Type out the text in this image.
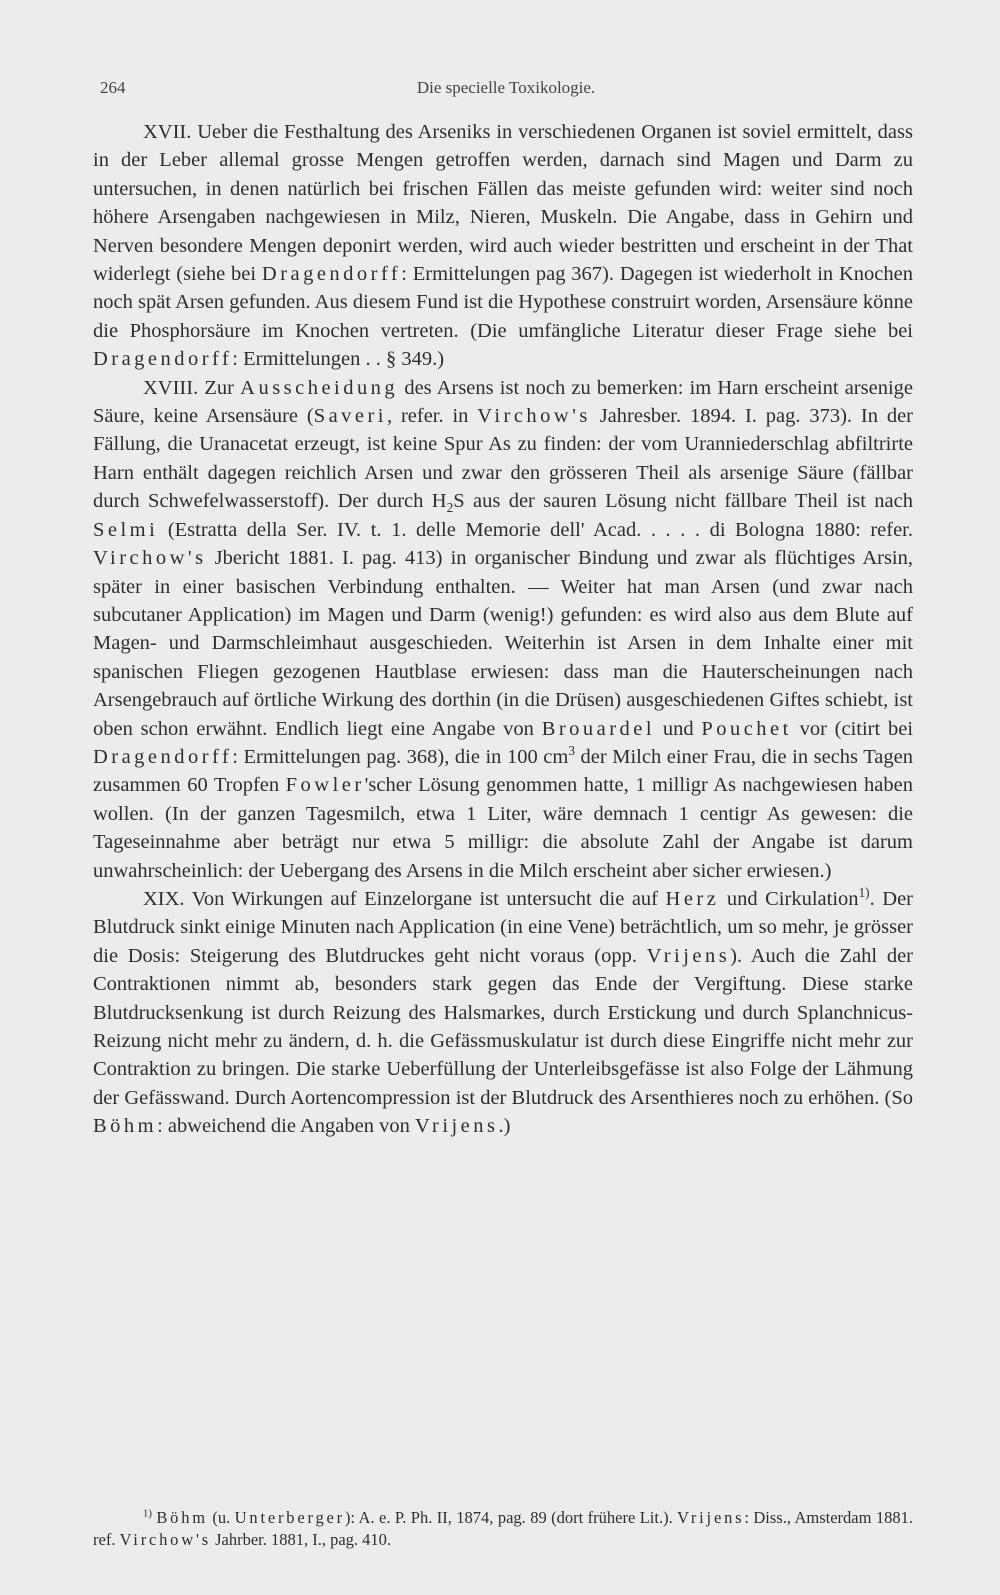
264	Die specielle Toxikologie.

XVII. Ueber die Festhaltung des Arseniks in verschiedenen Organen ist soviel ermittelt, dass in der Leber allemal grosse Mengen getroffen werden, darnach sind Magen und Darm zu untersuchen, in denen natürlich bei frischen Fällen das meiste gefunden wird: weiter sind noch höhere Arsengaben nachgewiesen in Milz, Nieren, Muskeln. Die Angabe, dass in Gehirn und Nerven besondere Mengen deponirt werden, wird auch wieder bestritten und erscheint in der That widerlegt (siehe bei Dragendorff: Ermittelungen pag 367). Dagegen ist wiederholt in Knochen noch spät Arsen gefunden. Aus diesem Fund ist die Hypothese construirt worden, Arsensäure könne die Phosphorsäure im Knochen vertreten. (Die umfängliche Literatur dieser Frage siehe bei Dragendorff: Ermittelungen . . § 349.)

XVIII. Zur Ausscheidung des Arsens ist noch zu bemerken: im Harn erscheint arsenige Säure, keine Arsensäure (Saveri, refer. in Virchow's Jahresber. 1894. I. pag. 373). In der Fällung, die Uranacetat erzeugt, ist keine Spur As zu finden: der vom Uranniederschlag abfiltrirte Harn enthält dagegen reichlich Arsen und zwar den grösseren Theil als arsenige Säure (fällbar durch Schwefelwasserstoff). Der durch $H_2S$ aus der sauren Lösung nicht fällbare Theil ist nach Selmi (Estratta della Ser. IV. t. 1. delle Memorie dell' Acad. . . . . di Bologna 1880: refer. Virchow's Jbericht 1881. I. pag. 413) in organischer Bindung und zwar als flüchtiges Arsin, später in einer basischen Verbindung enthalten. — Weiter hat man Arsen (und zwar nach subcutaner Application) im Magen und Darm (wenig!) gefunden: es wird also aus dem Blute auf Magen- und Darmschleimhaut ausgeschieden. Weiterhin ist Arsen in dem Inhalte einer mit spanischen Fliegen gezogenen Hautblase erwiesen: dass man die Hauterscheinungen nach Arsengebrauch auf örtliche Wirkung des dorthin (in die Drüsen) ausgeschiedenen Giftes schiebt, ist oben schon erwähnt. Endlich liegt eine Angabe von Brouardel und Pouchet vor (citirt bei Dragendorff: Ermittelungen pag. 368), die in 100 $cm^3$ der Milch einer Frau, die in sechs Tagen zusammen 60 Tropfen Fowler'scher Lösung genommen hatte, 1 milligr As nachgewiesen haben wollen. (In der ganzen Tagesmilch, etwa 1 Liter, wäre demnach 1 centigr As gewesen: die Tageseinnahme aber beträgt nur etwa 5 milligr: die absolute Zahl der Angabe ist darum unwahrscheinlich: der Uebergang des Arsens in die Milch erscheint aber sicher erwiesen.)

XIX. Von Wirkungen auf Einzelorgane ist untersucht die auf Herz und Cirkulation$^{1)}$. Der Blutdruck sinkt einige Minuten nach Application (in eine Vene) beträchtlich, um so mehr, je grösser die Dosis: Steigerung des Blutdruckes geht nicht voraus (opp. Vrijens). Auch die Zahl der Contraktionen nimmt ab, besonders stark gegen das Ende der Vergiftung. Diese starke Blutdrucksenkung ist durch Reizung des Halsmarkes, durch Erstickung und durch Splanchnicus-Reizung nicht mehr zu ändern, d. h. die Gefässmuskulatur ist durch diese Eingriffe nicht mehr zur Contraktion zu bringen. Die starke Ueberfüllung der Unterleibsgefässe ist also Folge der Lähmung der Gefässwand. Durch Aortencompression ist der Blutdruck des Arsenthieres noch zu erhöhen. (So Böhm: abweichend die Angaben von Vrijens.)

$^{1)}$ Böhm (u. Unterberger): A. e. P. Ph. II, 1874, pag. 89 (dort frühere Lit.). Vrijens: Diss., Amsterdam 1881. ref. Virchow's Jahrber. 1881, I., pag. 410.
